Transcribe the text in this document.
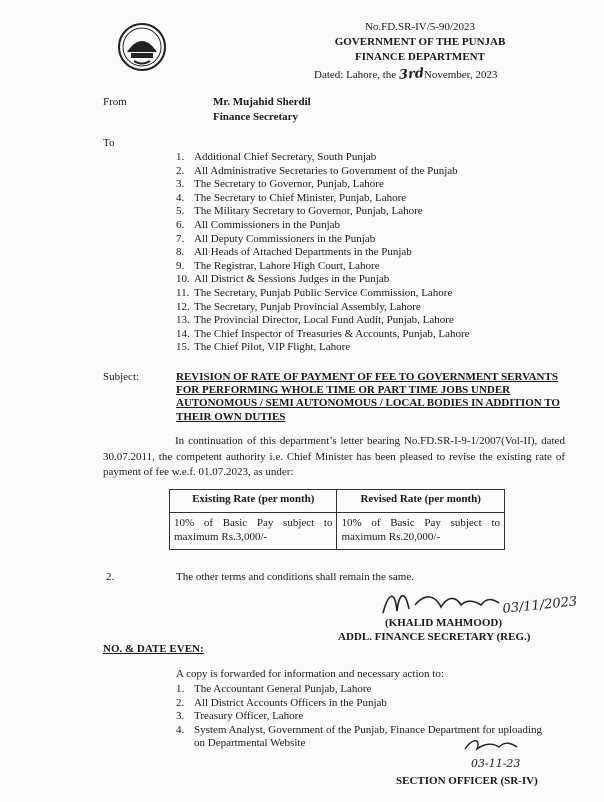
No.FD.SR-IV/5-90/2023
GOVERNMENT OF THE PUNJAB
FINANCE DEPARTMENT
Dated: Lahore, the 3rdNovember, 2023
From	Mr. Mujahid Sherdil
Finance Secretary
To
1. Additional Chief Secretary, South Punjab
2. All Administrative Secretaries to Government of the Punjab
3. The Secretary to Governor, Punjab, Lahore
4. The Secretary to Chief Minister, Punjab, Lahore
5. The Military Secretary to Governor, Punjab, Lahore
6. All Commissioners in the Punjab
7. All Deputy Commissioners in the Punjab
8. All Heads of Attached Departments in the Punjab
9. The Registrar, Lahore High Court, Lahore
10. All District & Sessions Judges in the Punjab
11. The Secretary, Punjab Public Service Commission, Lahore
12. The Secretary, Punjab Provincial Assembly, Lahore
13. The Provincial Director, Local Fund Audit, Punjab, Lahore
14. The Chief Inspector of Treasuries & Accounts, Punjab, Lahore
15. The Chief Pilot, VIP Flight, Lahore
Subject:	REVISION OF RATE OF PAYMENT OF FEE TO GOVERNMENT SERVANTS FOR PERFORMING WHOLE TIME OR PART TIME JOBS UNDER AUTONOMOUS / SEMI AUTONOMOUS / LOCAL BODIES IN ADDITION TO THEIR OWN DUTIES
In continuation of this department’s letter bearing No.FD.SR-I-9-1/2007(Vol-II), dated 30.07.2011, the competent authority i.e. Chief Minister has been pleased to revise the existing rate of payment of fee w.e.f. 01.07.2023, as under:
Existing Rate (per month)	Revised Rate (per month)
10% of Basic Pay subject to maximum Rs.3,000/-	10% of Basic Pay subject to maximum Rs.20,000/-
2.	The other terms and conditions shall remain the same.
03/11/2023
(KHALID MAHMOOD)
ADDL. FINANCE SECRETARY (REG.)
NO. & DATE EVEN:
A copy is forwarded for information and necessary action to:
1. The Accountant General Punjab, Lahore
2. All District Accounts Officers in the Punjab
3. Treasury Officer, Lahore
4. System Analyst, Government of the Punjab, Finance Department for uploading on Departmental Website
03-11-23
SECTION OFFICER (SR-IV)
